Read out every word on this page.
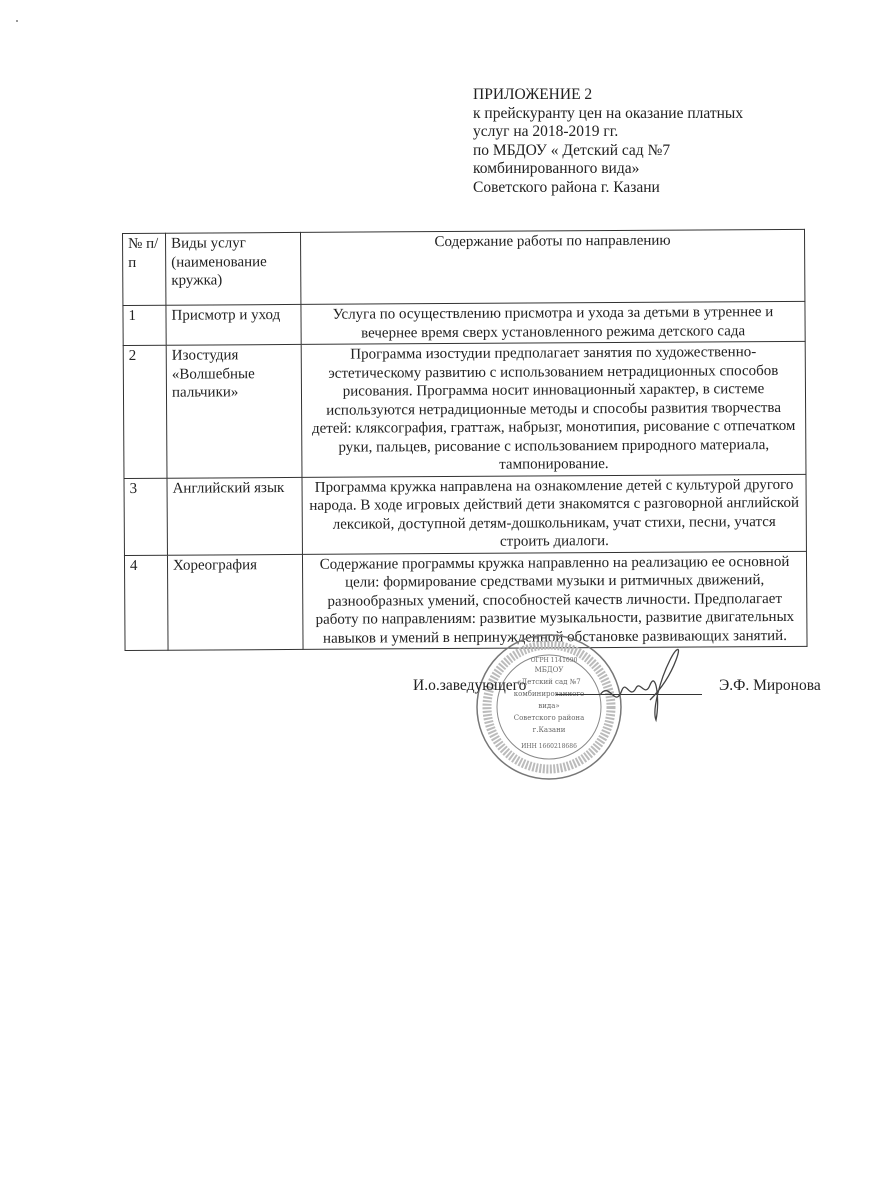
ПРИЛОЖЕНИЕ 2
к прейскуранту цен на оказание платных
услуг на 2018-2019 гг.
по МБДОУ « Детский сад №7
комбинированного вида»
Советского района г. Казани
№ п/п	Виды услуг (наименование кружка)	Содержание работы по направлению
1	Присмотр и уход	Услуга по осуществлению присмотра и ухода за детьми в утреннее и вечернее время сверх установленного режима детского сада
2	Изостудия «Волшебные пальчики»	Программа изостудии предполагает занятия по художественно-эстетическому развитию с использованием нетрадиционных способов рисования. Программа носит инновационный характер, в системе используются нетрадиционные методы и способы развития творчества детей: кляксография, граттаж, набрызг, монотипия, рисование с отпечатком руки, пальцев, рисование с использованием природного материала, тампонирование.
3	Английский язык	Программа кружка направлена на ознакомление детей с культурой другого народа. В ходе игровых действий дети знакомятся с разговорной английской лексикой, доступной детям-дошкольникам, учат стихи, песни, учатся строить диалоги.
4	Хореография	Содержание программы кружка направленно на реализацию ее основной цели: формирование средствами музыки и ритмичных движений, разнообразных умений, способностей качеств личности. Предполагает работу по направлениям: развитие музыкальности, развитие двигательных навыков и умений в непринужденной обстановке развивающих занятий.
МБДОУ
«Детский сад №7
комбинированного
вида»
Советского района
г.Казани
ИНН 1660218686
ОГРН 1141690
И.о.заведующего	Э.Ф. Миронова
